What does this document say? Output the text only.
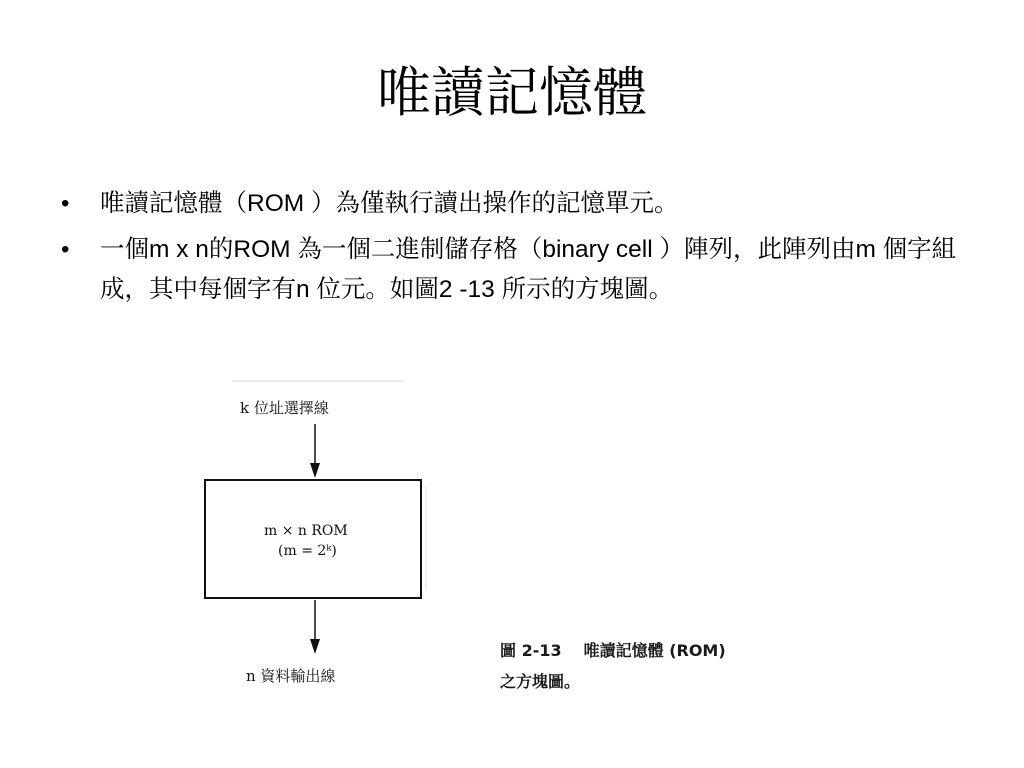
唯讀記憶體
• 唯讀記憶體（ROM ）為僅執行讀出操作的記憶單元。
• 一個m x n的ROM 為一個二進制儲存格（binary cell ）陣列，此陣列由m 個字組成，其中每個字有n 位元。如圖2 -13 所示的方塊圖。
k 位址選擇線
m × n ROM
(m = 2ᵏ)
n 資料輸出線
圖 2-13 唯讀記憶體 (ROM)
之方塊圖。
